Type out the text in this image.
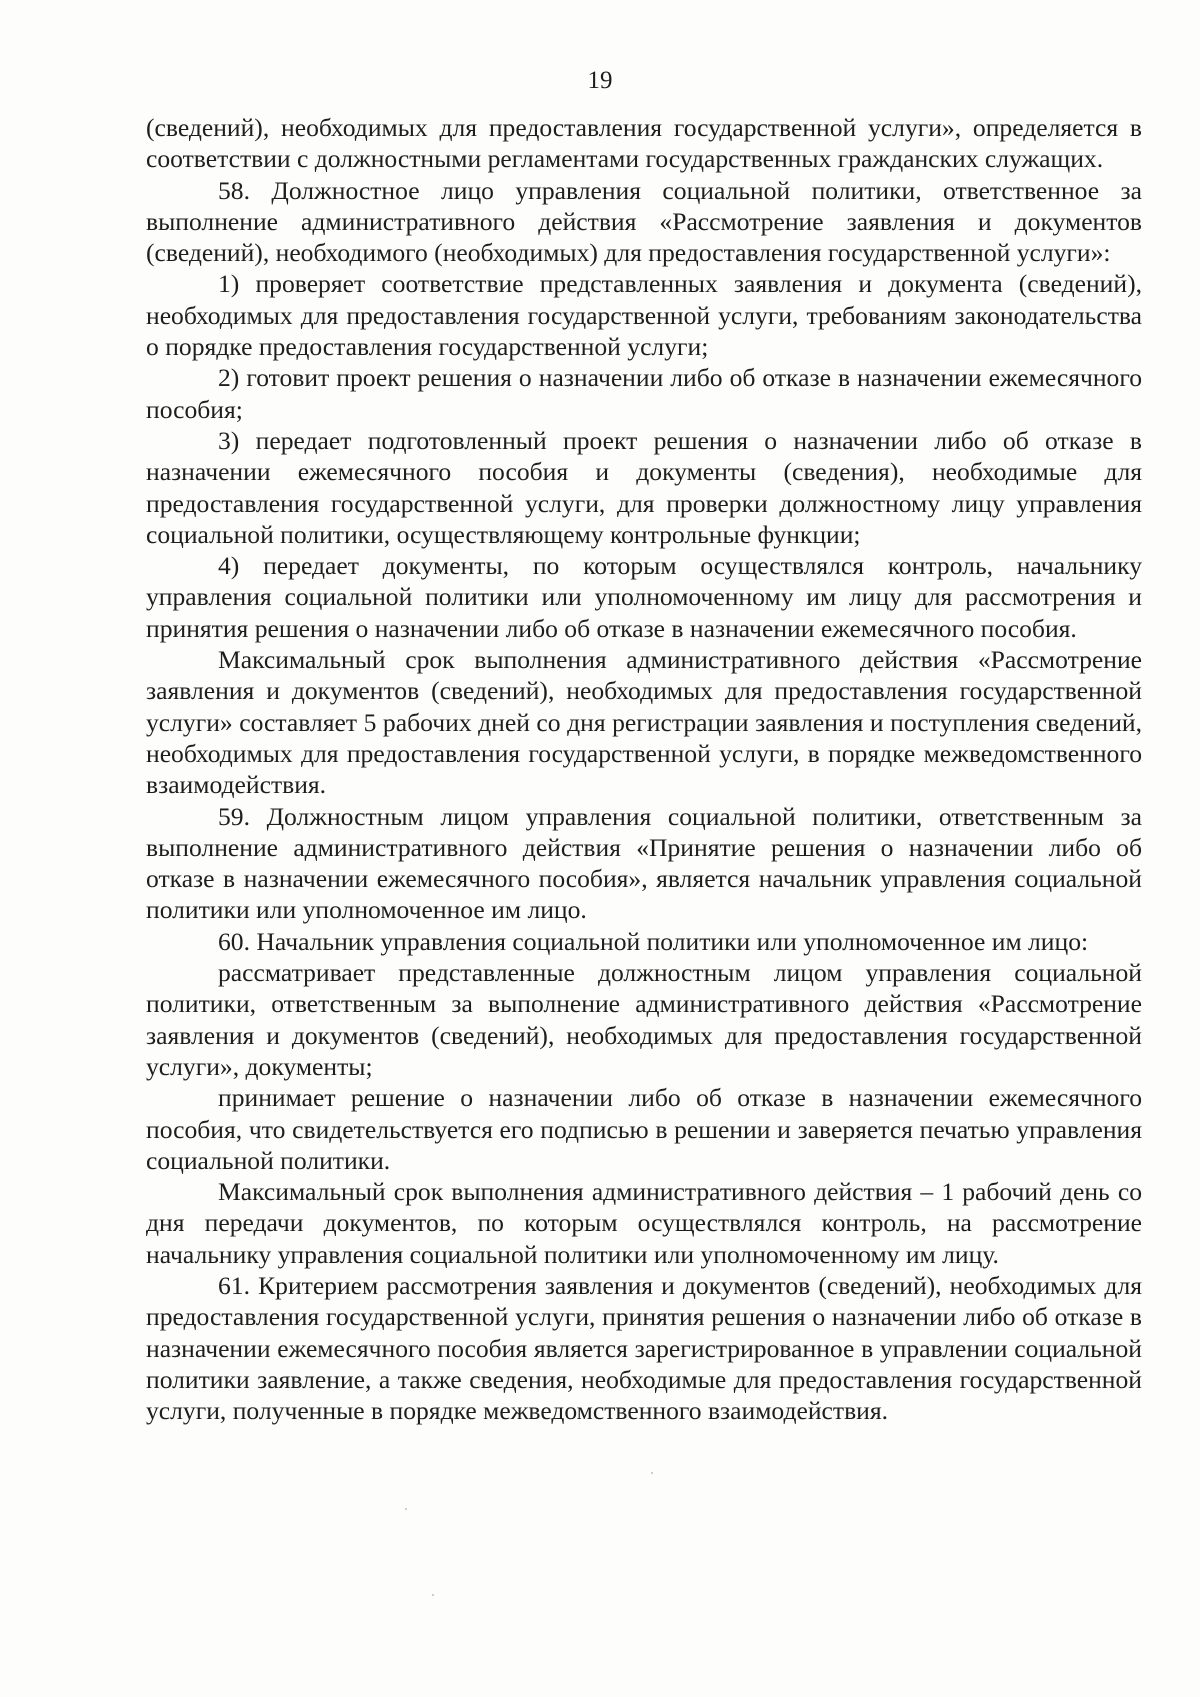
19

(сведений), необходимых для предоставления государственной услуги», определяется в соответствии с должностными регламентами государственных гражданских служащих.

58. Должностное лицо управления социальной политики, ответственное за выполнение административного действия «Рассмотрение заявления и документов (сведений), необходимого (необходимых) для предоставления государственной услуги»:

1) проверяет соответствие представленных заявления и документа (сведений), необходимых для предоставления государственной услуги, требованиям законодательства о порядке предоставления государственной услуги;

2) готовит проект решения о назначении либо об отказе в назначении ежемесячного пособия;

3) передает подготовленный проект решения о назначении либо об отказе в назначении ежемесячного пособия и документы (сведения), необходимые для предоставления государственной услуги, для проверки должностному лицу управления социальной политики, осуществляющему контрольные функции;

4) передает документы, по которым осуществлялся контроль, начальнику управления социальной политики или уполномоченному им лицу для рассмотрения и принятия решения о назначении либо об отказе в назначении ежемесячного пособия.

Максимальный срок выполнения административного действия «Рассмотрение заявления и документов (сведений), необходимых для предоставления государственной услуги» составляет 5 рабочих дней со дня регистрации заявления и поступления сведений, необходимых для предоставления государственной услуги, в порядке межведомственного взаимодействия.

59. Должностным лицом управления социальной политики, ответственным за выполнение административного действия «Принятие решения о назначении либо об отказе в назначении ежемесячного пособия», является начальник управления социальной политики или уполномоченное им лицо.

60. Начальник управления социальной политики или уполномоченное им лицо:

рассматривает представленные должностным лицом управления социальной политики, ответственным за выполнение административного действия «Рассмотрение заявления и документов (сведений), необходимых для предоставления государственной услуги», документы;

принимает решение о назначении либо об отказе в назначении ежемесячного пособия, что свидетельствуется его подписью в решении и заверяется печатью управления социальной политики.

Максимальный срок выполнения административного действия – 1 рабочий день со дня передачи документов, по которым осуществлялся контроль, на рассмотрение начальнику управления социальной политики или уполномоченному им лицу.

61. Критерием рассмотрения заявления и документов (сведений), необходимых для предоставления государственной услуги, принятия решения о назначении либо об отказе в назначении ежемесячного пособия является зарегистрированное в управлении социальной политики заявление, а также сведения, необходимые для предоставления государственной услуги, полученные в порядке межведомственного взаимодействия.
